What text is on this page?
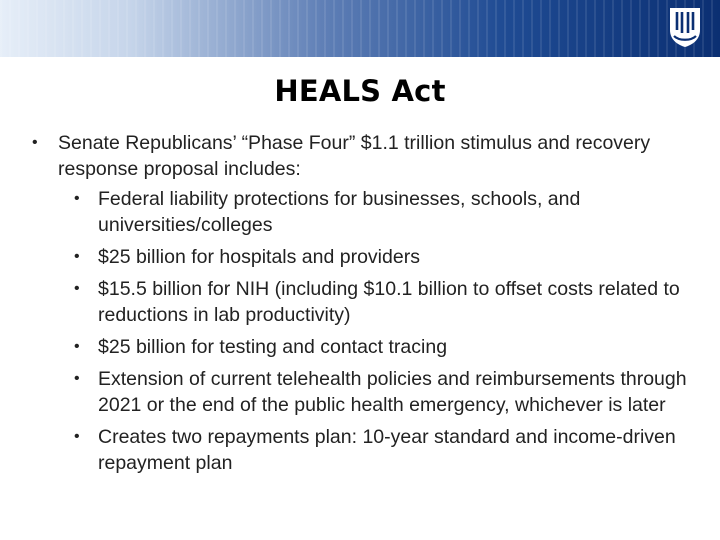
HEALS Act
• Senate Republicans’ “Phase Four” $1.1 trillion stimulus and recovery response proposal includes:
• Federal liability protections for businesses, schools, and universities/colleges
• $25 billion for hospitals and providers
• $15.5 billion for NIH (including $10.1 billion to offset costs related to reductions in lab productivity)
• $25 billion for testing and contact tracing
• Extension of current telehealth policies and reimbursements through 2021 or the end of the public health emergency, whichever is later
• Creates two repayments plan: 10-year standard and income-driven repayment plan
